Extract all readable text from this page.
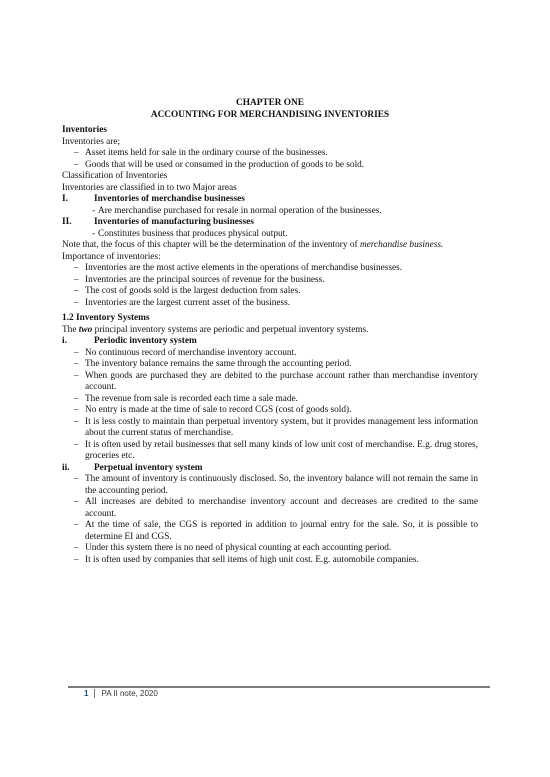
CHAPTER ONE
ACCOUNTING FOR MERCHANDISING INVENTORIES
Inventories
Inventories are;
– Asset items held for sale in the ordinary course of the businesses.
– Goods that will be used or consumed in the production of goods to be sold.
Classification of Inventories
Inventories are classified in to two Major areas
I.	Inventories of merchandise businesses
- Are merchandise purchased for resale in normal operation of the businesses.
II.	Inventories of manufacturing businesses
- Constitutes business that produces physical output.
Note that, the focus of this chapter will be the determination of the inventory of merchandise business.
Importance of inventories:
– Inventories are the most active elements in the operations of merchandise businesses.
– Inventories are the principal sources of revenue for the business.
– The cost of goods sold is the largest deduction from sales.
– Inventories are the largest current asset of the business.
1.2 Inventory Systems
The two principal inventory systems are periodic and perpetual inventory systems.
i.	Periodic inventory system
– No continuous record of merchandise inventory account.
– The inventory balance remains the same through the accounting period.
– When goods are purchased they are debited to the purchase account rather than merchandise inventory account.
– The revenue from sale is recorded each time a sale made.
– No entry is made at the time of sale to record CGS (cost of goods sold).
– It is less costly to maintain than perpetual inventory system, but it provides management less information about the current status of merchandise.
– It is often used by retail businesses that sell many kinds of low unit cost of merchandise. E.g. drug stores, groceries etc.
ii.	Perpetual inventory system
– The amount of inventory is continuously disclosed. So, the inventory balance will not remain the same in the accounting period.
– All increases are debited to merchandise inventory account and decreases are credited to the same account.
– At the time of sale, the CGS is reported in addition to journal entry for the sale. So, it is possible to determine EI and CGS.
– Under this system there is no need of physical counting at each accounting period.
– It is often used by companies that sell items of high unit cost. E.g. automobile companies.
1	PA II note, 2020
